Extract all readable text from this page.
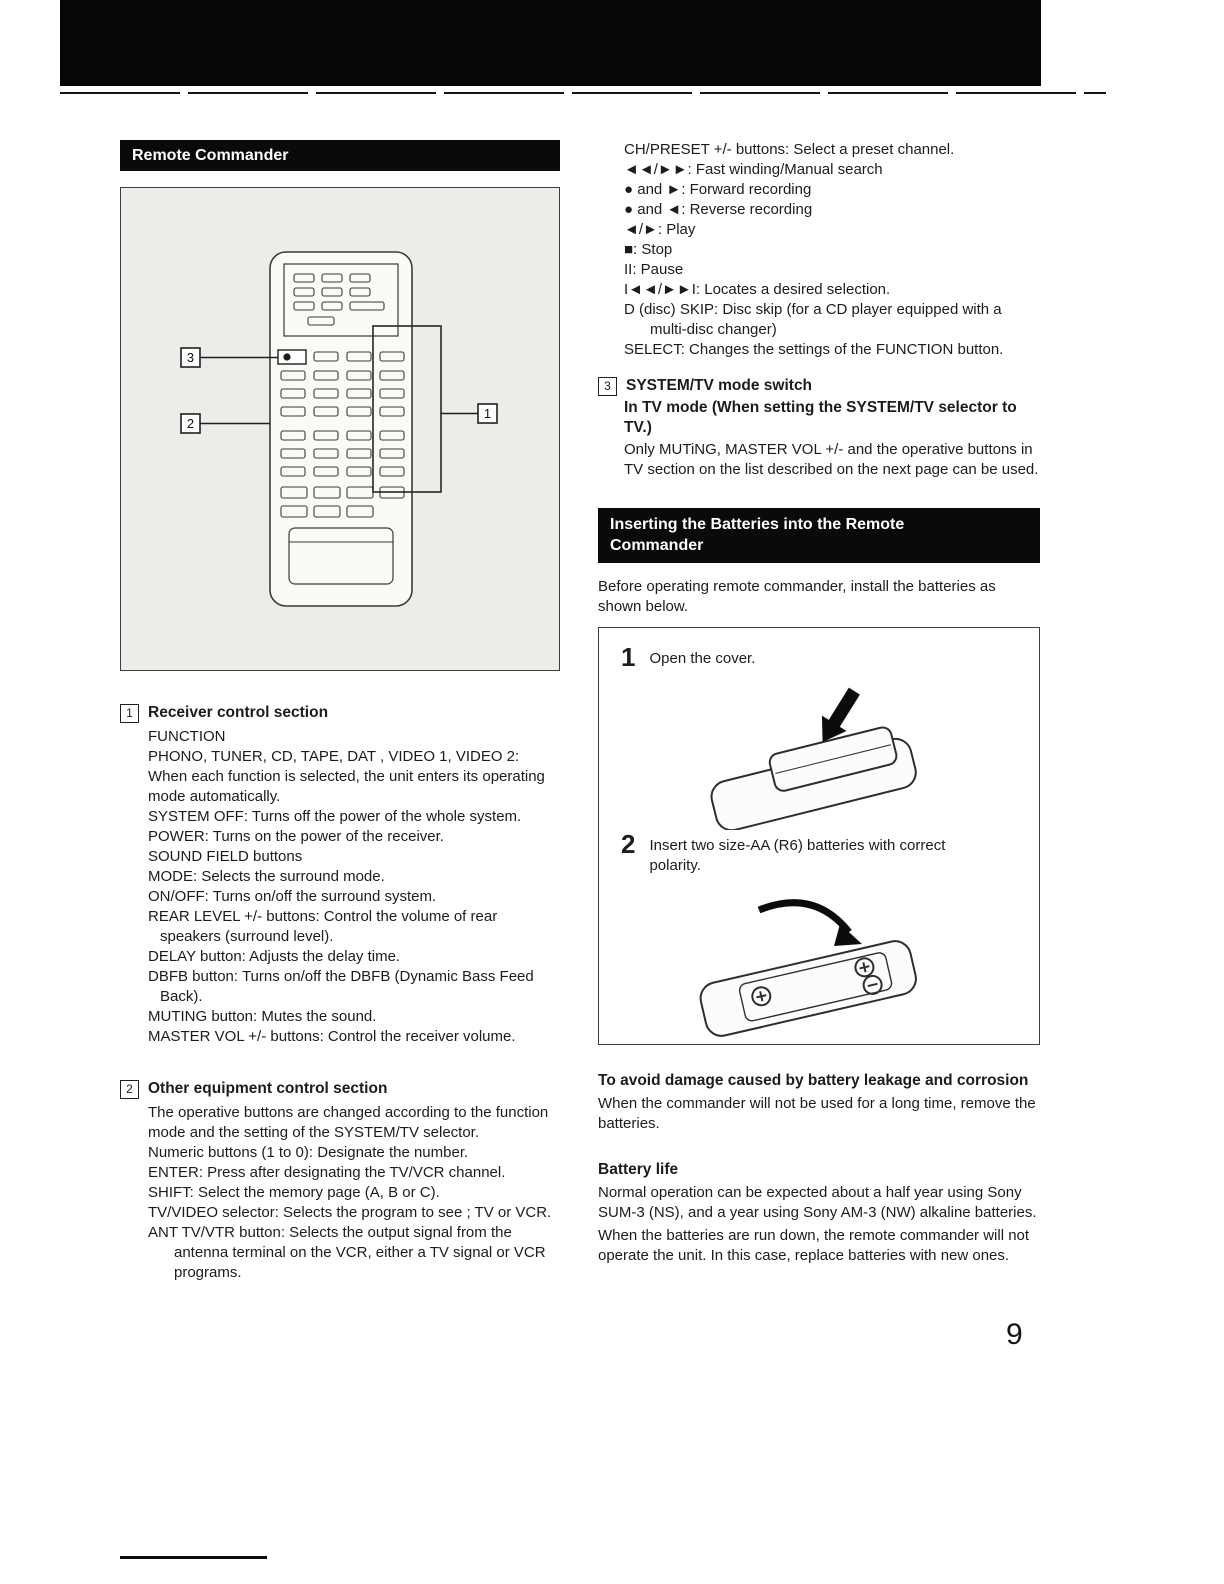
Remote Commander
3
2
1
1 Receiver control section
FUNCTION
PHONO, TUNER, CD, TAPE, DAT , VIDEO 1, VIDEO 2: When each function is selected, the unit enters its operating mode automatically.
SYSTEM OFF: Turns off the power of the whole system.
POWER: Turns on the power of the receiver.
SOUND FIELD buttons
MODE: Selects the surround mode.
ON/OFF: Turns on/off the surround system.
REAR LEVEL +/- buttons: Control the volume of rear speakers (surround level).
DELAY button: Adjusts the delay time.
DBFB button: Turns on/off the DBFB (Dynamic Bass Feed Back).
MUTING button: Mutes the sound.
MASTER VOL +/- buttons: Control the receiver volume.
2 Other equipment control section
The operative buttons are changed according to the function mode and the setting of the SYSTEM/TV selector.
Numeric buttons (1 to 0): Designate the number.
ENTER: Press after designating the TV/VCR channel.
SHIFT: Select the memory page (A, B or C).
TV/VIDEO selector: Selects the program to see ; TV or VCR.
ANT TV/VTR button: Selects the output signal from the antenna terminal on the VCR, either a TV signal or VCR programs.
CH/PRESET +/- buttons: Select a preset channel.
◄◄/►►: Fast winding/Manual search
● and ►: Forward recording
● and ◄: Reverse recording
◄/►: Play
■: Stop
II: Pause
I◄◄/►►I: Locates a desired selection.
D (disc) SKIP: Disc skip (for a CD player equipped with a multi-disc changer)
SELECT: Changes the settings of the FUNCTION button.
3 SYSTEM/TV mode switch
In TV mode (When setting the SYSTEM/TV selector to TV.)
Only MUTiNG, MASTER VOL +/- and the operative buttons in TV section on the list described on the next page can be used.
Inserting the Batteries into the Remote Commander

Before operating remote commander, install the batteries as shown below.

1 Open the cover.
2 Insert two size-AA (R6) batteries with correct polarity.
To avoid damage caused by battery leakage and corrosion
When the commander will not be used for a long time, remove the batteries.
Battery life
Normal operation can be expected about a half year using Sony SUM-3 (NS), and a year using Sony AM-3 (NW) alkaline batteries.
When the batteries are run down, the remote commander will not operate the unit. In this case, replace batteries with new ones.
9
